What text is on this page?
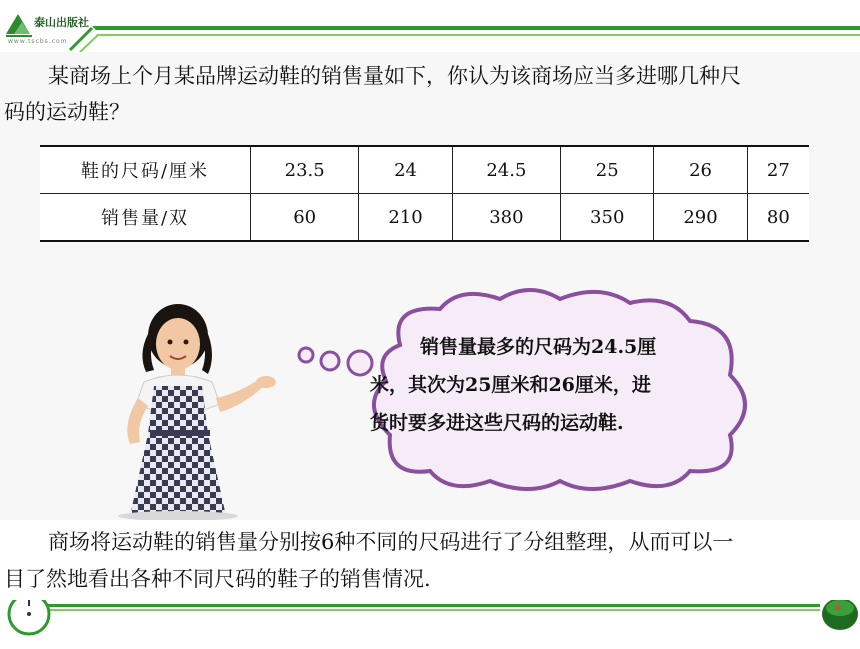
泰山出版社
www.tscbs.com

某商场上个月某品牌运动鞋的销售量如下，你认为该商场应当多进哪几种尺

码的运动鞋？
鞋的尺码/厘米	23.5	24	24.5	25	26	27
销售量/双	60	210	380	350	290	80

销售量最多的尺码为24.5厘

米，其次为25厘米和26厘米，进
货时要多进这些尺码的运动鞋.

商场将运动鞋的销售量分别按6种不同的尺码进行了分组整理，从而可以一

目了然地看出各种不同尺码的鞋子的销售情况.
4
